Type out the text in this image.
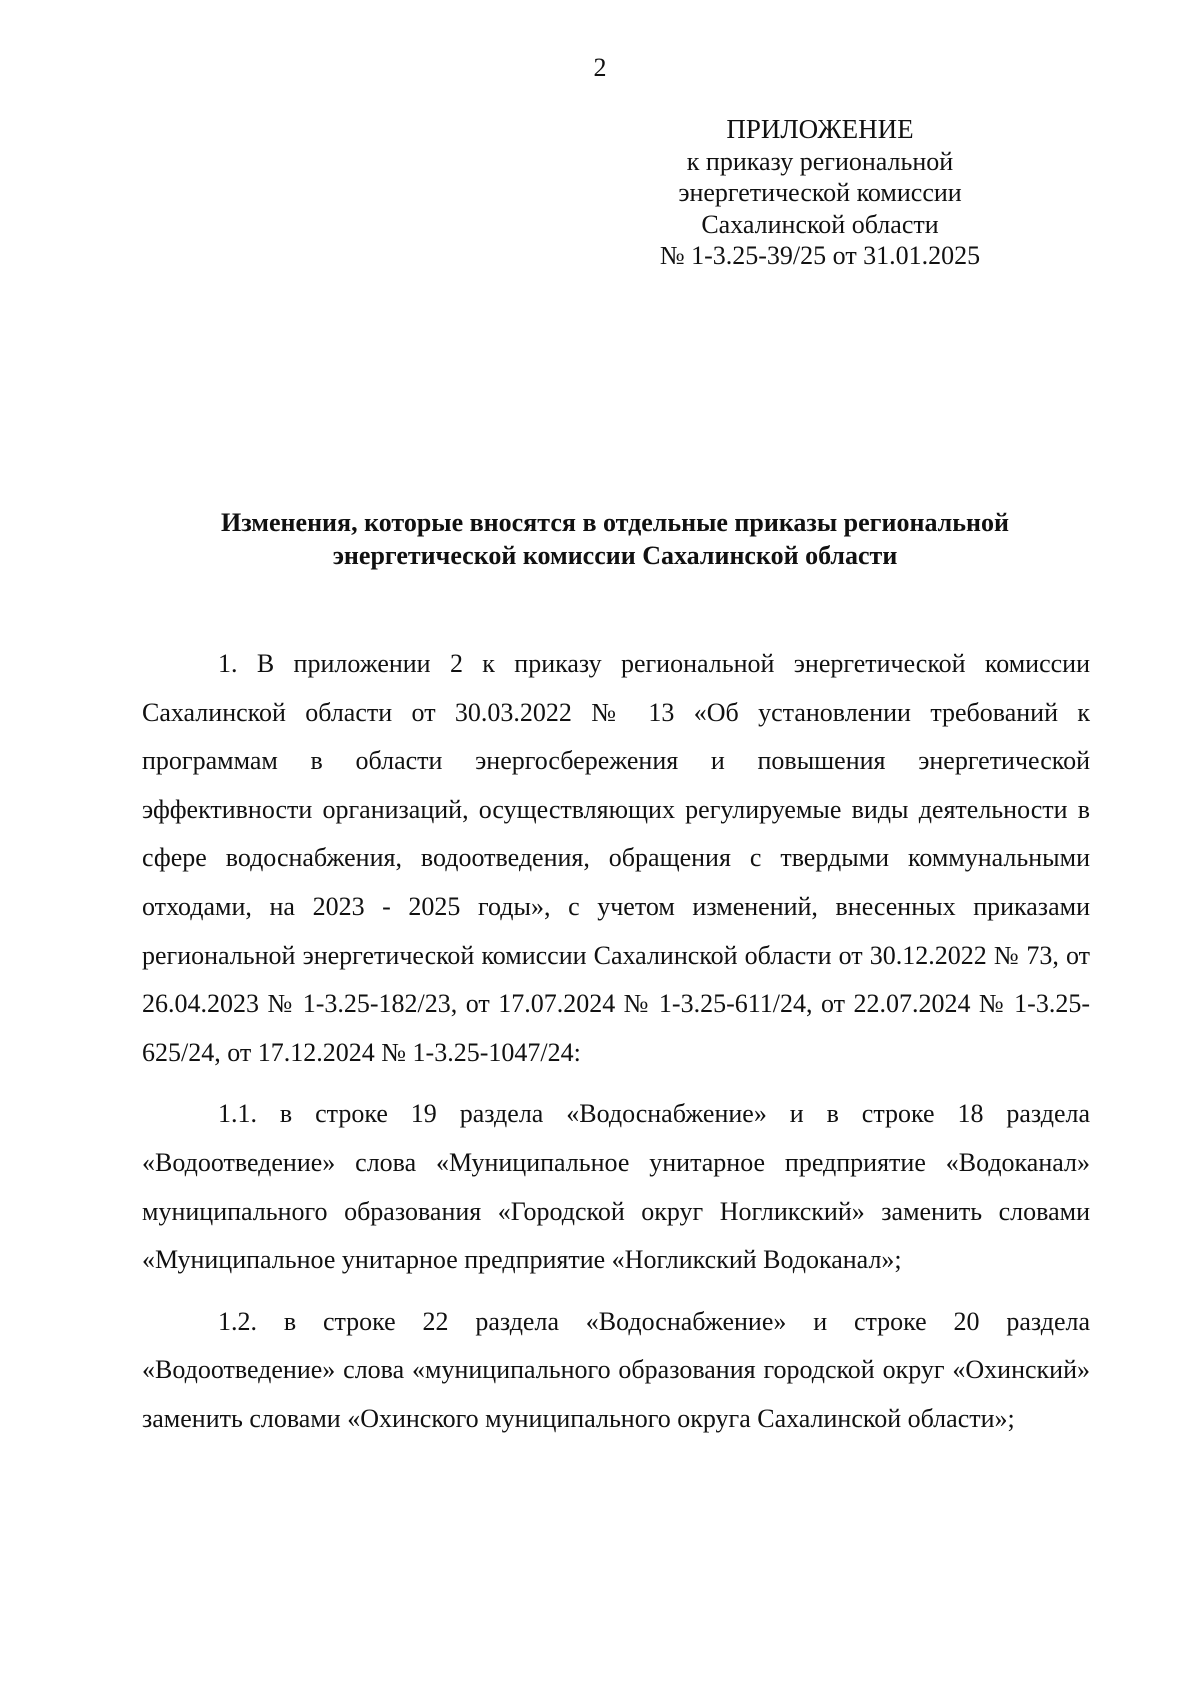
2
ПРИЛОЖЕНИЕ
к приказу региональной
энергетической комиссии
Сахалинской области
№ 1-3.25-39/25 от 31.01.2025
Изменения, которые вносятся в отдельные приказы региональной
энергетической комиссии Сахалинской области

1. В приложении 2 к приказу региональной энергетической комиссии Сахалинской области от 30.03.2022 № 13 «Об установлении требований к программам в области энергосбережения и повышения энергетической эффективности организаций, осуществляющих регулируемые виды деятельности в сфере водоснабжения, водоотведения, обращения с твердыми коммунальными отходами, на 2023 - 2025 годы», с учетом изменений, внесенных приказами региональной энергетической комиссии Сахалинской области от 30.12.2022 № 73, от 26.04.2023 № 1-3.25-182/23, от 17.07.2024 № 1-3.25-611/24, от 22.07.2024 № 1-3.25-625/24, от 17.12.2024 № 1-3.25-1047/24:

1.1. в строке 19 раздела «Водоснабжение» и в строке 18 раздела «Водоотведение» слова «Муниципальное унитарное предприятие «Водоканал» муниципального образования «Городской округ Ногликский» заменить словами «Муниципальное унитарное предприятие «Ногликский Водоканал»;

1.2. в строке 22 раздела «Водоснабжение» и строке 20 раздела «Водоотведение» слова «муниципального образования городской округ «Охинский» заменить словами «Охинского муниципального округа Сахалинской области»;
